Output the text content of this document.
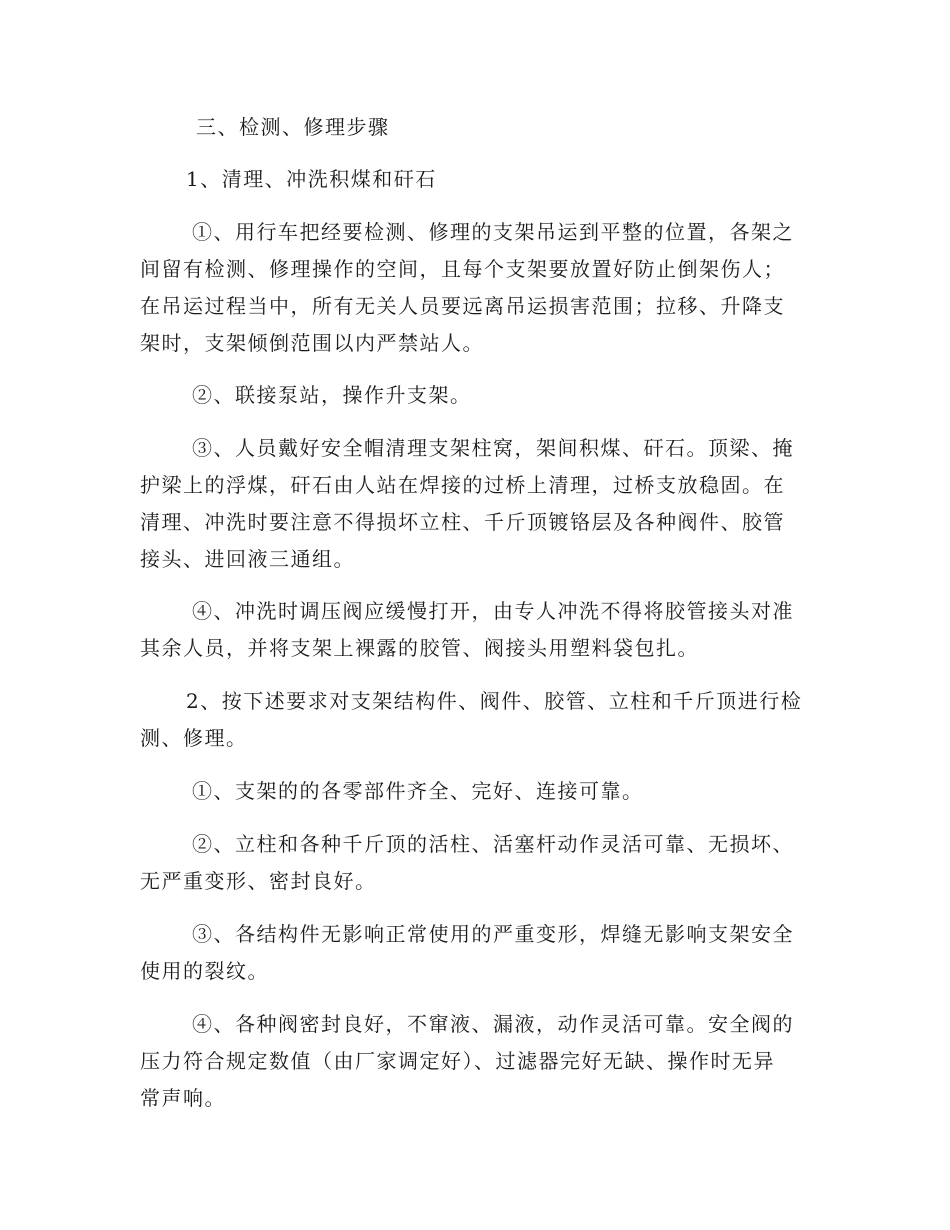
三、检测、修理步骤
1、清理、冲洗积煤和矸石
①、用行车把经要检测、修理的支架吊运到平整的位置，各架之
间留有检测、修理操作的空间，且每个支架要放置好防止倒架伤人；
在吊运过程当中，所有无关人员要远离吊运损害范围；拉移、升降支
架时，支架倾倒范围以内严禁站人。
②、联接泵站，操作升支架。
③、人员戴好安全帽清理支架柱窝，架间积煤、矸石。顶梁、掩
护梁上的浮煤，矸石由人站在焊接的过桥上清理，过桥支放稳固。在
清理、冲洗时要注意不得损坏立柱、千斤顶镀铬层及各种阀件、胶管
接头、进回液三通组。
④、冲洗时调压阀应缓慢打开，由专人冲洗不得将胶管接头对准
其余人员，并将支架上裸露的胶管、阀接头用塑料袋包扎。
2、按下述要求对支架结构件、阀件、胶管、立柱和千斤顶进行检
测、修理。
①、支架的的各零部件齐全、完好、连接可靠。
②、立柱和各种千斤顶的活柱、活塞杆动作灵活可靠、无损坏、
无严重变形、密封良好。
③、各结构件无影响正常使用的严重变形，焊缝无影响支架安全
使用的裂纹。
④、各种阀密封良好，不窜液、漏液，动作灵活可靠。安全阀的
压力符合规定数值（由厂家调定好）、过滤器完好无缺、操作时无异
常声响。
